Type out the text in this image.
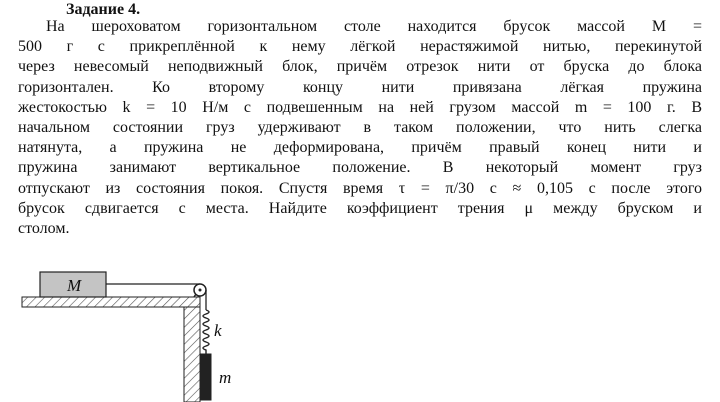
Задание 4.
На шероховатом горизонтальном столе находится брусок массой M =
500 г с прикреплённой к нему лёгкой нерастяжимой нитью, перекинутой
через невесомый неподвижный блок, причём отрезок нити от бруска до блока
горизонтален. Ко второму концу нити привязана лёгкая пружина
жестокостью k = 10 Н/м с подвешенным на ней грузом массой m = 100 г. В
начальном состоянии груз удерживают в таком положении, что нить слегка
натянута, а пружина не деформирована, причём правый конец нити и
пружина занимают вертикальное положение. В некоторый момент груз
отпускают из состояния покоя. Спустя время τ = π/30 с ≈ 0,105 с после этого
брусок сдвигается с места. Найдите коэффициент трения μ между бруском и
столом.
M
k
m
